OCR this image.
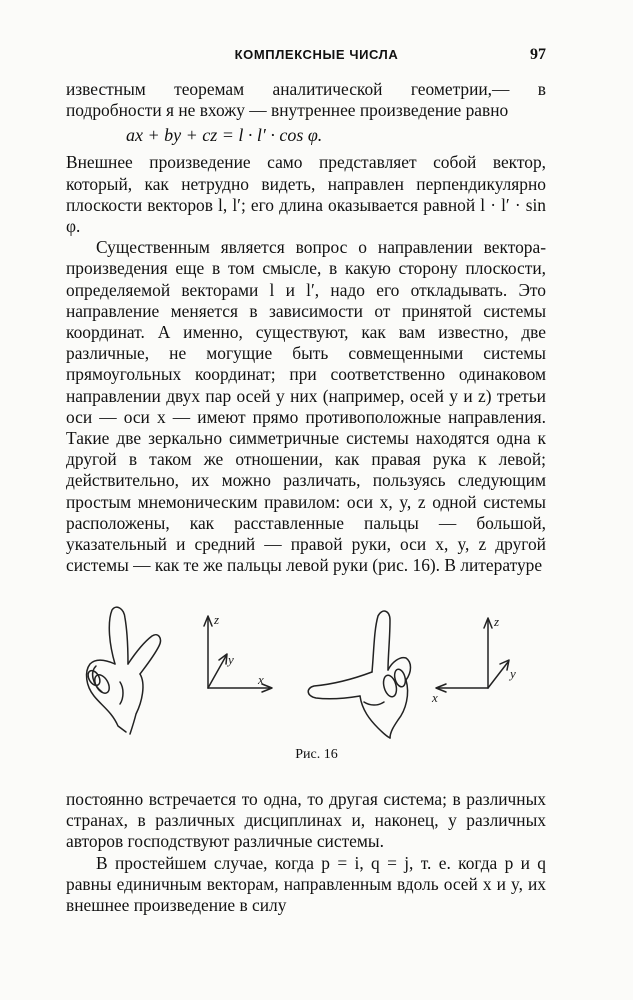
КОМПЛЕКСНЫЕ ЧИСЛА	97

известным теоремам аналитической геометрии,— в подробности я не вхожу — внутреннее произведение равно

ax + by + cz = l · l′ · cos φ.

Внешнее произведение само представляет собой вектор, который, как нетрудно видеть, направлен перпендикулярно плоскости векторов l, l′; его длина оказывается равной l · l′ · sin φ.

Существенным является вопрос о направлении вектора-произведения еще в том смысле, в какую сторону плоскости, определяемой векторами l и l′, надо его откладывать. Это направление меняется в зависимости от принятой системы координат. А именно, существуют, как вам известно, две различные, не могущие быть совмещенными системы прямоугольных координат; при соответственно одинаковом направлении двух пар осей у них (например, осей y и z) третьи оси — оси x — имеют прямо противоположные направления. Такие две зеркально симметричные системы находятся одна к другой в таком же отношении, как правая рука к левой; действительно, их можно различать, пользуясь следующим простым мнемоническим правилом: оси x, y, z одной системы расположены, как расставленные пальцы — большой, указательный и средний — правой руки, оси x, y, z другой системы — как те же пальцы левой руки (рис. 16). В литературе

z
y
x
z
y
x
Рис. 16

постоянно встречается то одна, то другая система; в различных странах, в различных дисциплинах и, наконец, у различных авторов господствуют различные системы.

В простейшем случае, когда p = i, q = j, т. е. когда p и q равны единичным векторам, направленным вдоль осей x и y, их внешнее произведение в силу
